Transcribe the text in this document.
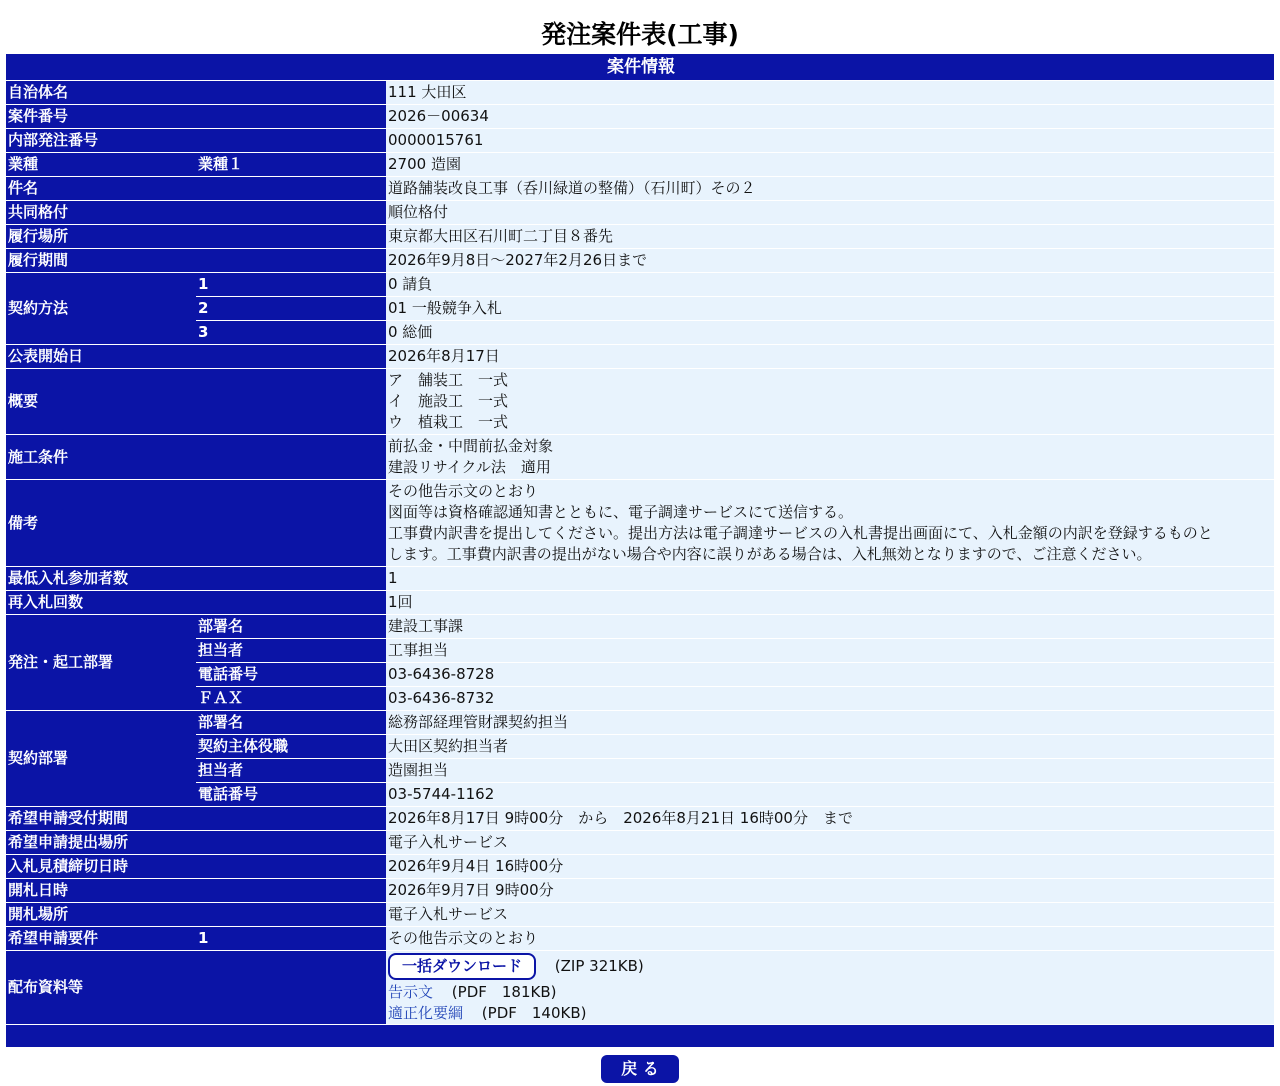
発注案件表(工事)
案件情報		
自治体名		111 大田区
案件番号		2026－00634
内部発注番号		0000015761
業種	業種１	2700 造園
件名		道路舗装改良工事（呑川緑道の整備）（石川町）その２
共同格付		順位格付
履行場所		東京都大田区石川町二丁目８番先
履行期間		2026年9月8日～2027年2月26日まで
契約方法	1	0 請負
	2	01 一般競争入札
	3	0 総価
公表開始日		2026年8月17日
概要		ア　舗装工　一式
イ　施設工　一式
ウ　植栽工　一式

施工条件		前払金・中間前払金対象
建設リサイクル法　適用

備考		その他告示文のとおり
図面等は資格確認通知書とともに、電子調達サービスにて送信する。
工事費内訳書を提出してください。提出方法は電子調達サービスの入札書提出画面にて、入札金額の内訳を登録するものと
します。工事費内訳書の提出がない場合や内容に誤りがある場合は、入札無効となりますので、ご注意ください。

最低入札参加者数		1
再入札回数		1回
発注・起工部署	部署名	建設工事課
	担当者	工事担当
	電話番号	03-6436-8728
	ＦＡＸ	03-6436-8732
契約部署	部署名	総務部経理管財課契約担当
	契約主体役職	大田区契約担当者
	担当者	造園担当
	電話番号	03-5744-1162
希望申請受付期間		2026年8月17日 9時00分　から　2026年8月21日 16時00分　まで
希望申請提出場所		電子入札サービス
入札見積締切日時		2026年9月4日 16時00分
開札日時		2026年9月7日 9時00分
開札場所		電子入札サービス
希望申請要件	1	その他告示文のとおり
配布資料等		一括ダウンロード (ZIP 321KB)
告示文 (PDF　181KB)
適正化要綱 (PDF　140KB)

戻 る
